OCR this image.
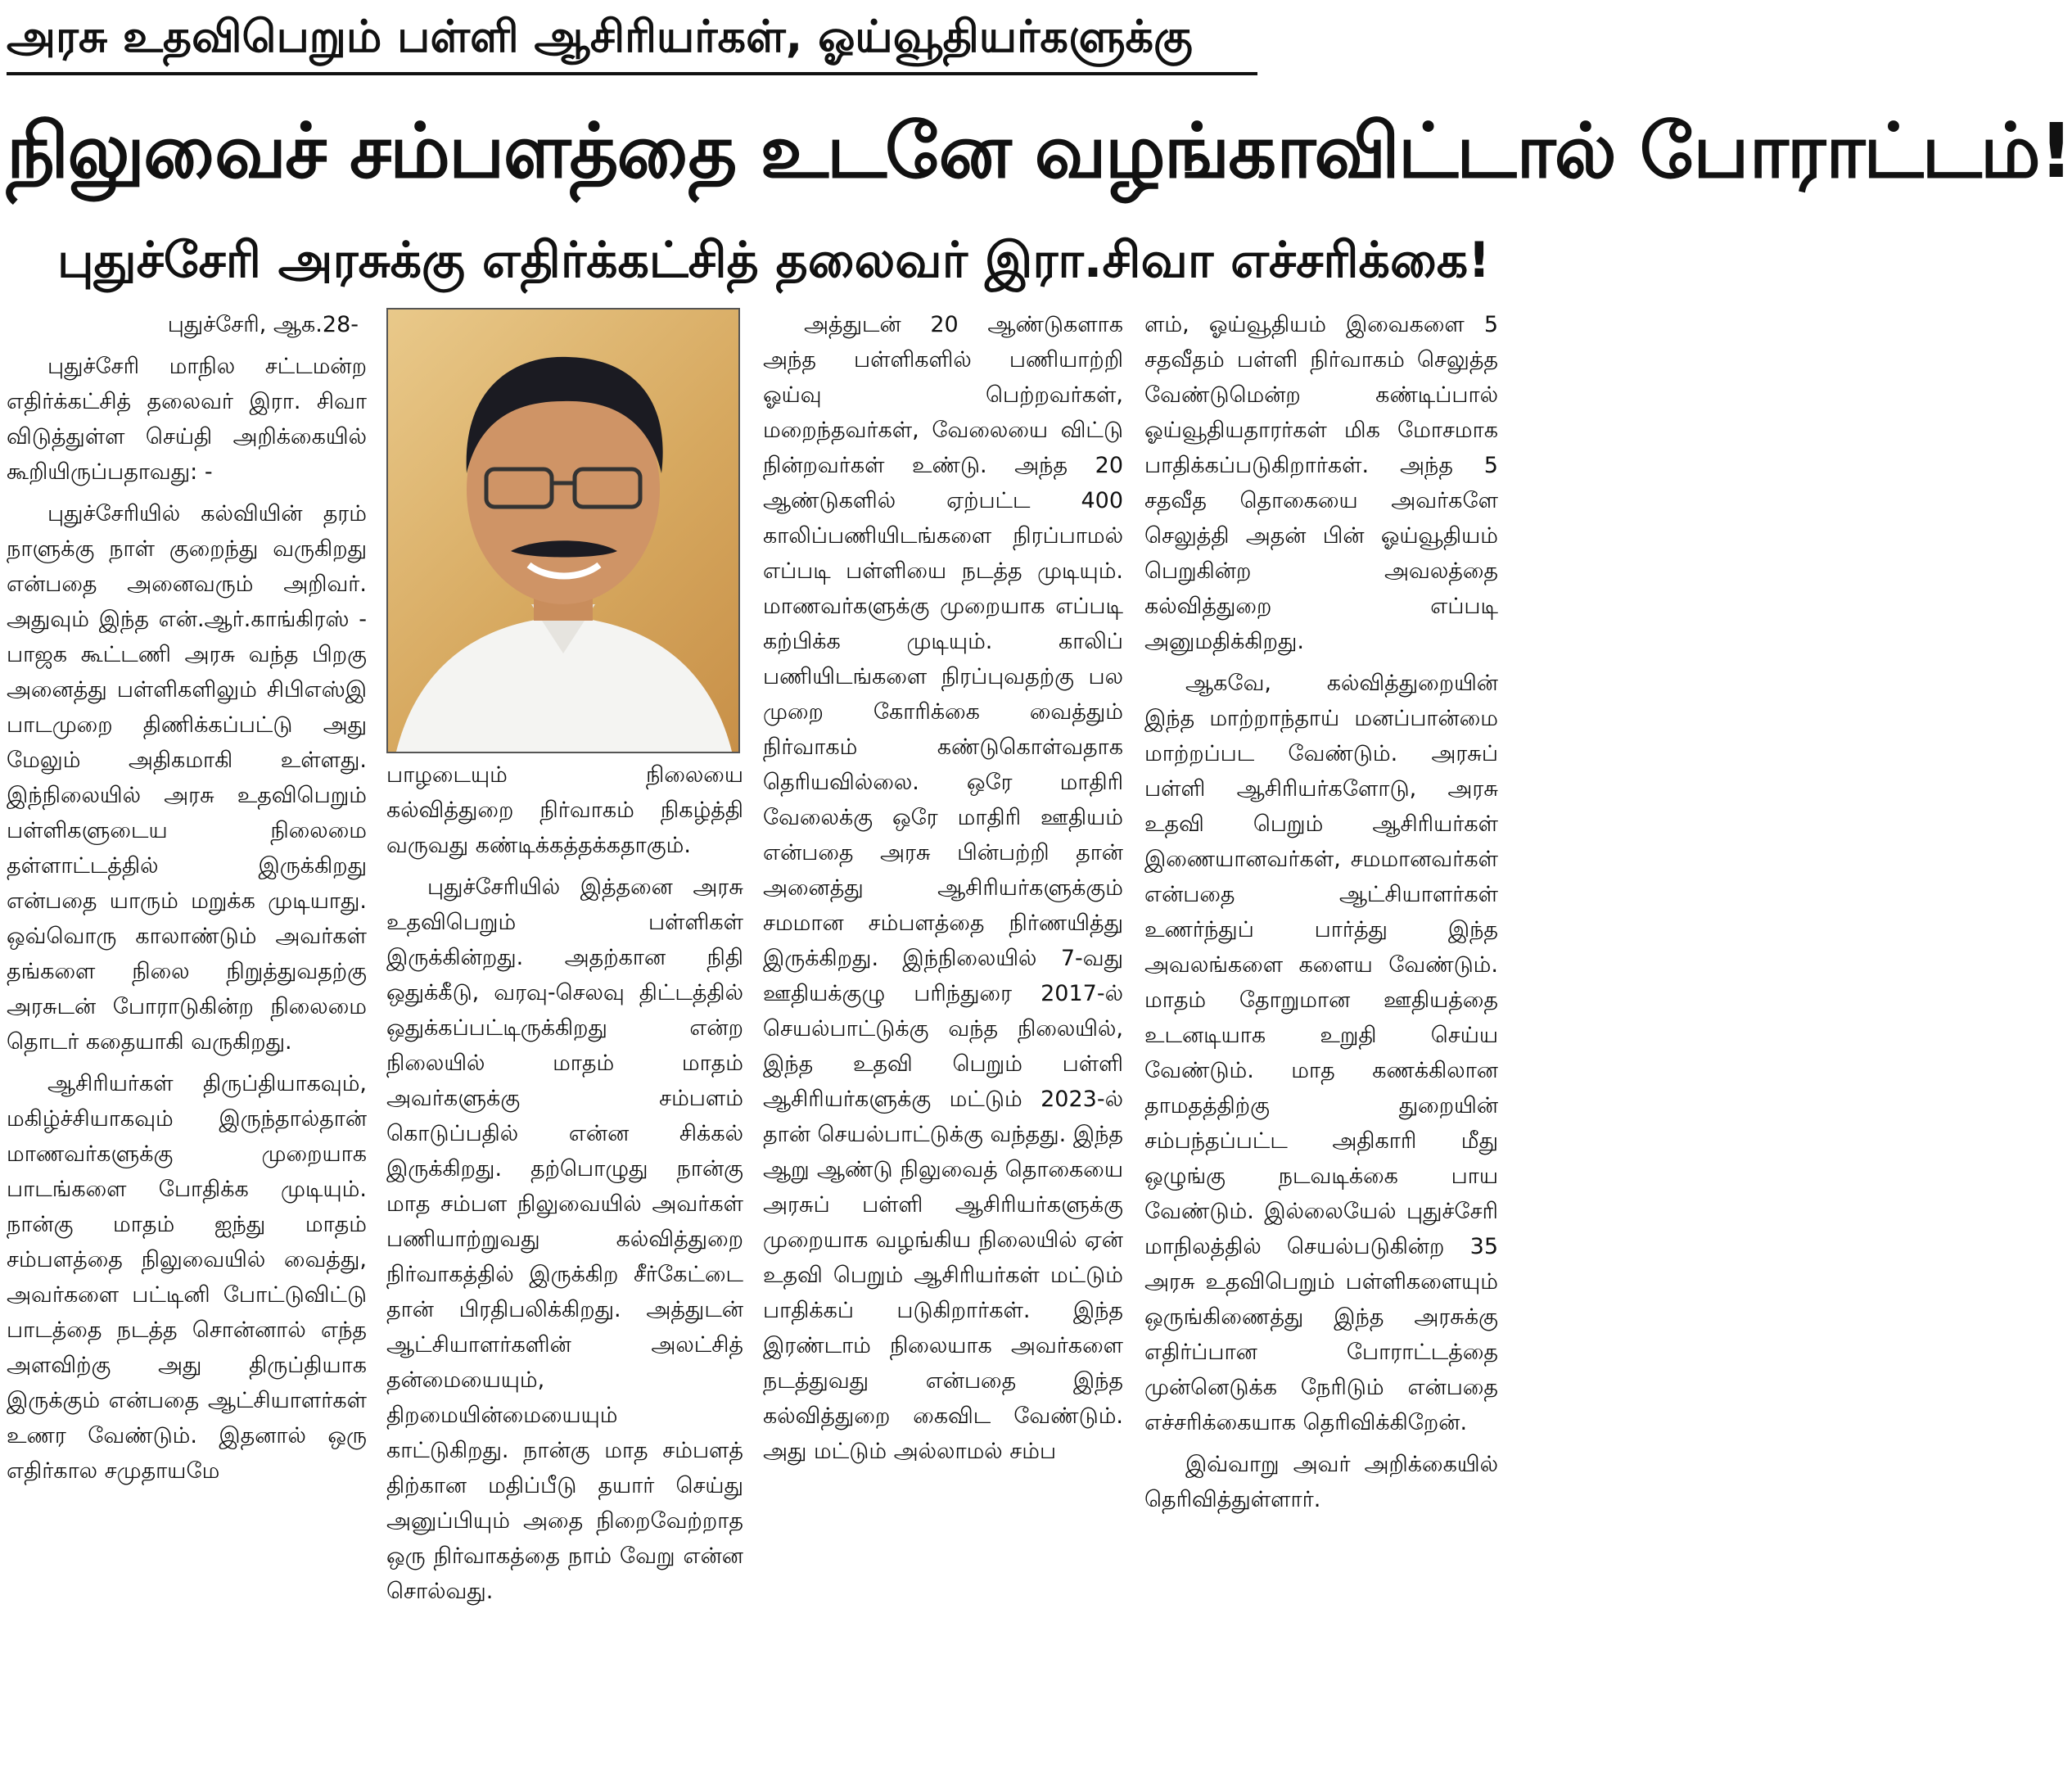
அரசு உதவிபெறும் பள்ளி ஆசிரியர்கள், ஓய்வூதியர்களுக்கு
நிலுவைச் சம்பளத்தை உடனே வழங்காவிட்டால் போராட்டம்!
புதுச்சேரி அரசுக்கு எதிர்க்கட்சித் தலைவர் இரா.சிவா எச்சரிக்கை!

புதுச்சேரி, ஆக.28-

புதுச்சேரி மாநில சட்டமன்ற எதிர்க்கட்சித் தலைவர் இரா. சிவா விடுத்துள்ள செய்தி அறிக்கையில் கூறியிருப்பதாவது: -

புதுச்சேரியில் கல்வியின் தரம் நாளுக்கு நாள் குறைந்து வருகிறது என்பதை அனைவரும் அறிவர். அதுவும் இந்த என்.ஆர்.காங்கிரஸ் - பாஜக கூட்டணி அரசு வந்த பிறகு அனைத்து பள்ளிகளிலும் சிபிஎஸ்இ பாடமுறை திணிக்கப்பட்டு அது மேலும் அதிகமாகி உள்ளது. இந்நிலையில் அரசு உதவிபெறும் பள்ளிகளுடைய நிலைமை தள்ளாட்டத்தில் இருக்கிறது என்பதை யாரும் மறுக்க முடியாது. ஒவ்வொரு காலாண்டும் அவர்கள் தங்களை நிலை நிறுத்துவதற்கு அரசுடன் போராடுகின்ற நிலைமை தொடர் கதையாகி வருகிறது.

ஆசிரியர்கள் திருப்தியாகவும், மகிழ்ச்சியாகவும் இருந்தால்தான் மாணவர்களுக்கு முறையாக பாடங்களை போதிக்க முடியும். நான்கு மாதம் ஐந்து மாதம் சம்பளத்தை நிலுவையில் வைத்து, அவர்களை பட்டினி போட்டுவிட்டு பாடத்தை நடத்த சொன்னால் எந்த அளவிற்கு அது திருப்தியாக இருக்கும் என்பதை ஆட்சியாளர்கள் உணர வேண்டும். இதனால் ஒரு எதிர்கால சமுதாயமே

பாழடையும் நிலையை கல்வித்துறை நிர்வாகம் நிகழ்த்தி வருவது கண்டிக்கத்தக்கதாகும்.

புதுச்சேரியில் இத்தனை அரசு உதவிபெறும் பள்ளிகள் இருக்கின்றது. அதற்கான நிதி ஒதுக்கீடு, வரவு-செலவு திட்டத்தில் ஒதுக்கப்பட்டிருக்கிறது என்ற நிலையில் மாதம் மாதம் அவர்களுக்கு சம்பளம் கொடுப்பதில் என்ன சிக்கல் இருக்கிறது. தற்பொழுது நான்கு மாத சம்பள நிலுவையில் அவர்கள் பணியாற்றுவது கல்வித்துறை நிர்வாகத்தில் இருக்கிற சீர்கேட்டை தான் பிரதிபலிக்கிறது. அத்துடன் ஆட்சியாளர்களின் அலட்சித் தன்மையையும், திறமையின்மையையும் காட்டுகிறது. நான்கு மாத சம்பளத் திற்கான மதிப்பீடு தயார் செய்து அனுப்பியும் அதை நிறைவேற்றாத ஒரு நிர்வாகத்தை நாம் வேறு என்ன சொல்வது.

அத்துடன் 20 ஆண்டுகளாக அந்த பள்ளிகளில் பணியாற்றி ஓய்வு பெற்றவர்கள், மறைந்தவர்கள், வேலையை விட்டு நின்றவர்கள் உண்டு. அந்த 20 ஆண்டுகளில் ஏற்பட்ட 400 காலிப்பணியிடங்களை நிரப்பாமல் எப்படி பள்ளியை நடத்த முடியும். மாணவர்களுக்கு முறையாக எப்படி கற்பிக்க முடியும். காலிப் பணியிடங்களை நிரப்புவதற்கு பல முறை கோரிக்கை வைத்தும் நிர்வாகம் கண்டுகொள்வதாக தெரியவில்லை. ஒரே மாதிரி வேலைக்கு ஒரே மாதிரி ஊதியம் என்பதை அரசு பின்பற்றி தான் அனைத்து ஆசிரியர்களுக்கும் சமமான சம்பளத்தை நிர்ணயித்து இருக்கிறது. இந்நிலையில் 7-வது ஊதியக்குழு பரிந்துரை 2017-ல் செயல்பாட்டுக்கு வந்த நிலையில், இந்த உதவி பெறும் பள்ளி ஆசிரியர்களுக்கு மட்டும் 2023-ல் தான் செயல்பாட்டுக்கு வந்தது. இந்த ஆறு ஆண்டு நிலுவைத் தொகையை அரசுப் பள்ளி ஆசிரியர்களுக்கு முறையாக வழங்கிய நிலையில் ஏன் உதவி பெறும் ஆசிரியர்கள் மட்டும் பாதிக்கப் படுகிறார்கள். இந்த இரண்டாம் நிலையாக அவர்களை நடத்துவது என்பதை இந்த கல்வித்துறை கைவிட வேண்டும். அது மட்டும் அல்லாமல் சம்ப

ளம், ஓய்வூதியம் இவைகளை 5 சதவீதம் பள்ளி நிர்வாகம் செலுத்த வேண்டுமென்ற கண்டிப்பால் ஓய்வூதியதாரர்கள் மிக மோசமாக பாதிக்கப்படுகிறார்கள். அந்த 5 சதவீத தொகையை அவர்களே செலுத்தி அதன் பின் ஓய்வூதியம் பெறுகின்ற அவலத்தை கல்வித்துறை எப்படி அனுமதிக்கிறது.

ஆகவே, கல்வித்துறையின் இந்த மாற்றாந்தாய் மனப்பான்மை மாற்றப்பட வேண்டும். அரசுப் பள்ளி ஆசிரியர்களோடு, அரசு உதவி பெறும் ஆசிரியர்கள் இணையானவர்கள், சமமானவர்கள் என்பதை ஆட்சியாளர்கள் உணர்ந்துப் பார்த்து இந்த அவலங்களை களைய வேண்டும். மாதம் தோறுமான ஊதியத்தை உடனடியாக உறுதி செய்ய வேண்டும். மாத கணக்கிலான தாமதத்திற்கு துறையின் சம்பந்தப்பட்ட அதிகாரி மீது ஒழுங்கு நடவடிக்கை பாய வேண்டும். இல்லையேல் புதுச்சேரி மாநிலத்தில் செயல்படுகின்ற 35 அரசு உதவிபெறும் பள்ளிகளையும் ஒருங்கிணைத்து இந்த அரசுக்கு எதிர்ப்பான போராட்டத்தை முன்னெடுக்க நேரிடும் என்பதை எச்சரிக்கையாக தெரிவிக்கிறேன்.

இவ்வாறு அவர் அறிக்கையில் தெரிவித்துள்ளார்.
